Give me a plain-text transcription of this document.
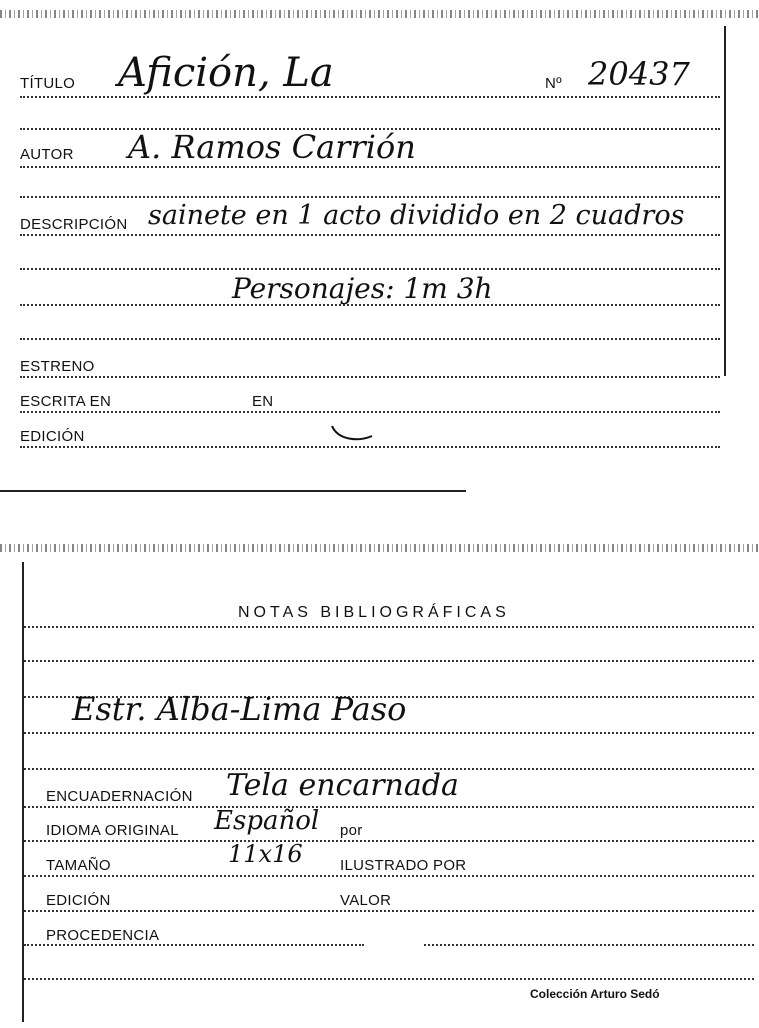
TÍTULO Afición, La	Nº 20437
AUTOR A. Ramos Carrión
DESCRIPCIÓN sainete en 1 acto dividido en 2 cuadros
Personajes: 1m 3h
ESTRENO
ESCRITA EN	EN
EDICIÓN
NOTAS BIBLIOGRÁFICAS
Estr. Alba-Lima Paso
ENCUADERNACIÓN Tela encarnada
IDIOMA ORIGINAL Español por
TAMAÑO	11x16 ILUSTRADO POR
EDICIÓN	VALOR
PROCEDENCIA
Colección Arturo Sedó
